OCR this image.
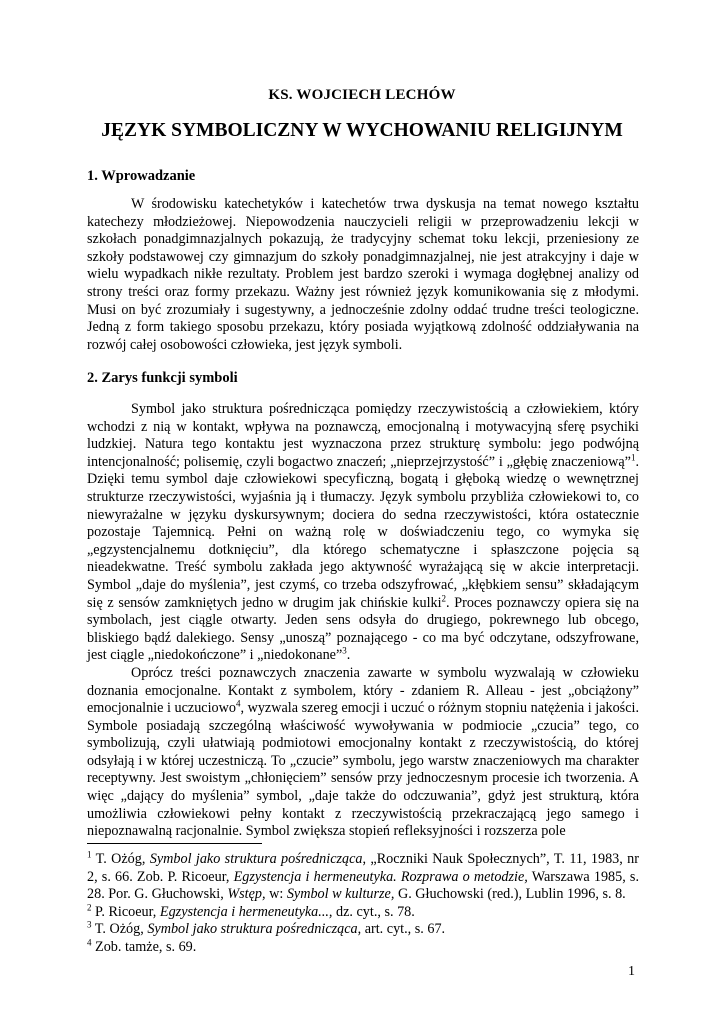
KS. WOJCIECH LECHÓW
JĘZYK SYMBOLICZNY W WYCHOWANIU RELIGIJNYM
1. Wprowadzanie

W środowisku katechetyków i katechetów trwa dyskusja na temat nowego kształtu katechezy młodzieżowej. Niepowodzenia nauczycieli religii w przeprowadzeniu lekcji w szkołach ponadgimnazjalnych pokazują, że tradycyjny schemat toku lekcji, przeniesiony ze szkoły podstawowej czy gimnazjum do szkoły ponadgimnazjalnej, nie jest atrakcyjny i daje w wielu wypadkach nikłe rezultaty. Problem jest bardzo szeroki i wymaga dogłębnej analizy od strony treści oraz formy przekazu. Ważny jest również język komunikowania się z młodymi. Musi on być zrozumiały i sugestywny, a jednocześnie zdolny oddać trudne treści teologiczne. Jedną z form takiego sposobu przekazu, który posiada wyjątkową zdolność oddziaływania na rozwój całej osobowości człowieka, jest język symboli.

2. Zarys funkcji symboli

Symbol jako struktura pośrednicząca pomiędzy rzeczywistością a człowiekiem, który wchodzi z nią w kontakt, wpływa na poznawczą, emocjonalną i motywacyjną sferę psychiki ludzkiej. Natura tego kontaktu jest wyznaczona przez strukturę symbolu: jego podwójną intencjonalność; polisemię, czyli bogactwo znaczeń; „nieprzejrzystość” i „głębię znaczeniową”$^1$. Dzięki temu symbol daje człowiekowi specyficzną, bogatą i głęboką wiedzę o wewnętrznej strukturze rzeczywistości, wyjaśnia ją i tłumaczy. Język symbolu przybliża człowiekowi to, co niewyrażalne w języku dyskursywnym; dociera do sedna rzeczywistości, która ostatecznie pozostaje Tajemnicą. Pełni on ważną rolę w doświadczeniu tego, co wymyka się „egzystencjalnemu dotknięciu”, dla którego schematyczne i spłaszczone pojęcia są nieadekwatne. Treść symbolu zakłada jego aktywność wyrażającą się w akcie interpretacji. Symbol „daje do myślenia”, jest czymś, co trzeba odszyfrować, „kłębkiem sensu” składającym się z sensów zamkniętych jedno w drugim jak chińskie kulki$^2$. Proces poznawczy opiera się na symbolach, jest ciągle otwarty. Jeden sens odsyła do drugiego, pokrewnego lub obcego, bliskiego bądź dalekiego. Sensy „unoszą” poznającego - co ma być odczytane, odszyfrowane, jest ciągle „niedokończone” i „niedokonane”$^3$.

Oprócz treści poznawczych znaczenia zawarte w symbolu wyzwalają w człowieku doznania emocjonalne. Kontakt z symbolem, który - zdaniem R. Alleau - jest „obciążony” emocjonalnie i uczuciowo$^4$, wyzwala szereg emocji i uczuć o różnym stopniu natężenia i jakości. Symbole posiadają szczególną właściwość wywoływania w podmiocie „czucia” tego, co symbolizują, czyli ułatwiają podmiotowi emocjonalny kontakt z rzeczywistością, do której odsyłają i w której uczestniczą. To „czucie” symbolu, jego warstw znaczeniowych ma charakter receptywny. Jest swoistym „chłonięciem” sensów przy jednoczesnym procesie ich tworzenia. A więc „dający do myślenia” symbol, „daje także do odczuwania”, gdyż jest strukturą, która umożliwia człowiekowi pełny kontakt z rzeczywistością przekraczającą jego samego i niepoznawalną racjonalnie. Symbol zwiększa stopień refleksyjności i rozszerza pole

$^1$ T. Ożóg, Symbol jako struktura pośrednicząca, „Roczniki Nauk Społecznych”, T. 11, 1983, nr 2, s. 66. Zob. P. Ricoeur, Egzystencja i hermeneutyka. Rozprawa o metodzie, Warszawa 1985, s. 28. Por. G. Głuchowski, Wstęp, w: Symbol w kulturze, G. Głuchowski (red.), Lublin 1996, s. 8.

$^2$ P. Ricoeur, Egzystencja i hermeneutyka..., dz. cyt., s. 78.

$^3$ T. Ożóg, Symbol jako struktura pośrednicząca, art. cyt., s. 67.

$^4$ Zob. tamże, s. 69.

1
